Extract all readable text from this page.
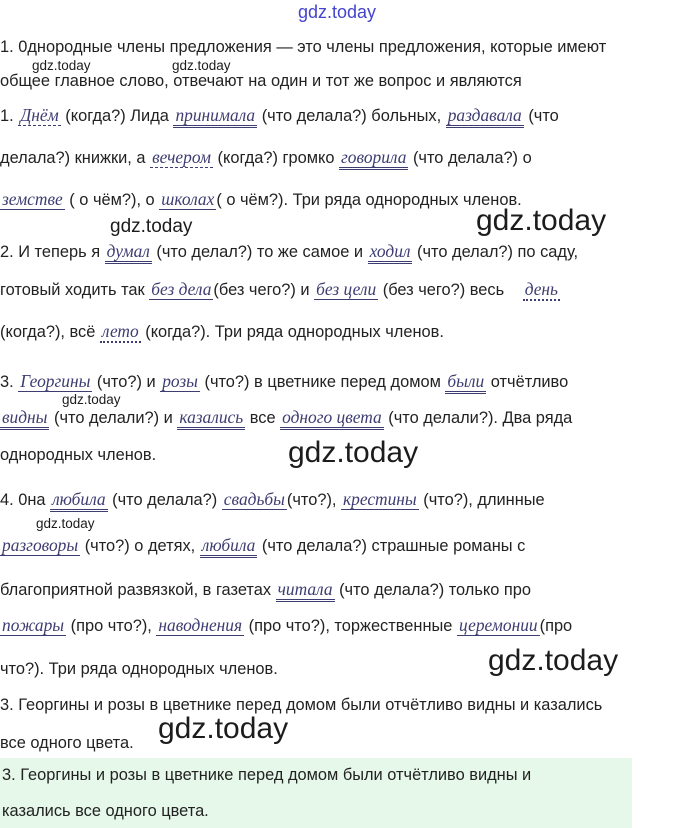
gdz.today
1. 0днородные члены предложения — это члены предложения, которые имеют
gdz.today	gdz.today
общее главное слово, отвечают на один и тот же вопрос и являются
1. Днём (когда?) Лида принимала (что делала?) больных, раздавала (что
делала?) книжки, а вечером (когда?) громко говорила (что делала?) о
земстве ( о чём?), о школах ( о чём?). Три ряда однородных членов.
gdz.today	gdz.today
2. И теперь я думал (что делал?) то же самое и ходил (что делал?) по саду,
готовый ходить так без дела (без чего?) и без цели (без чего?) весь день
(когда?), всё лето (когда?). Три ряда однородных членов.
3. Георгины (что?) и розы (что?) в цветнике перед домом были отчётливо
gdz.today
видны (что делали?) и казались все одного цвета (что делали?). Два ряда
однородных членов.	gdz.today
4. 0на любила (что делала?) свадьбы (что?), крестины (что?), длинные
gdz.today
разговоры (что?) о детях, любила (что делала?) страшные романы с
благоприятной развязкой, в газетах читала (что делала?) только про
пожары (про что?), наводнения (про что?), торжественные церемонии (про
что?). Три ряда однородных членов.	gdz.today
3. Георгины и розы в цветнике перед домом были отчётливо видны и казались
все одного цвета. gdz.today
3. Георгины и розы в цветнике перед домом были отчётливо видны и
казались все одного цвета.
